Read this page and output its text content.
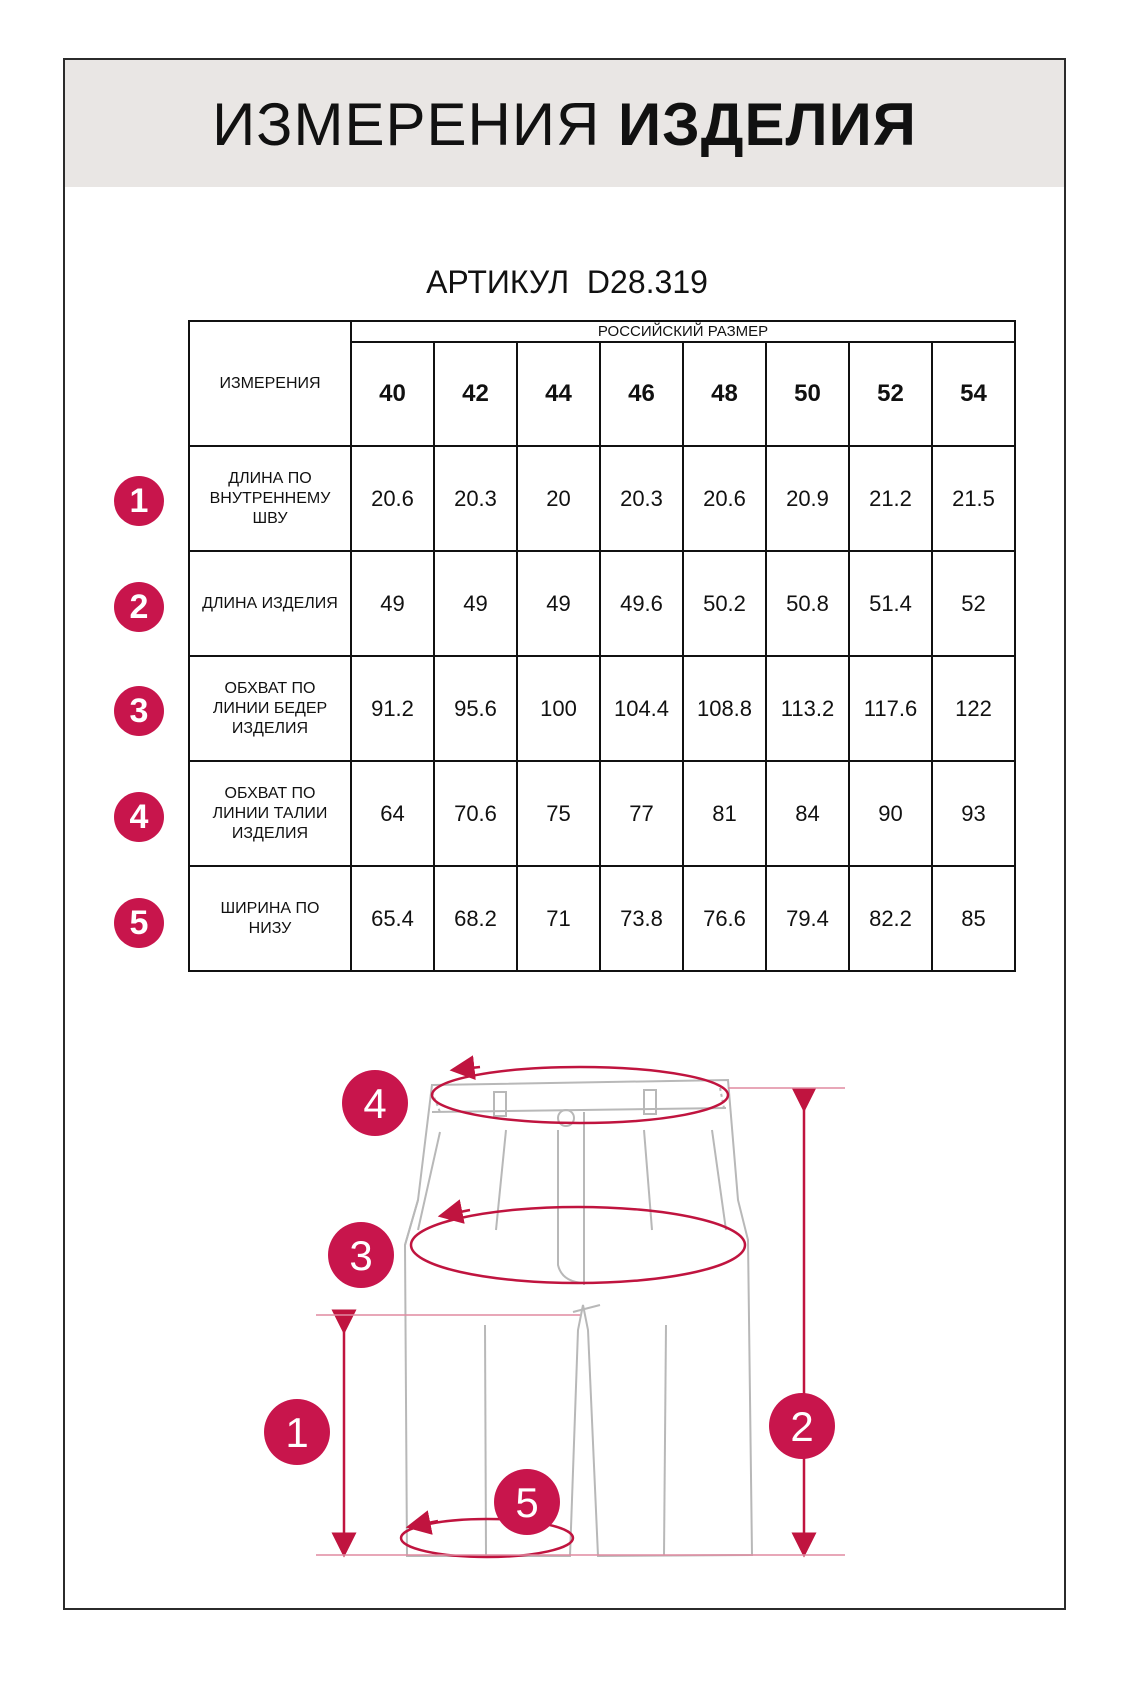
ИЗМЕРЕНИЯ ИЗДЕЛИЯ
АРТИКУЛ D28.319
ИЗМЕРЕНИЯ	РОССИЙСКИЙ РАЗМЕР							
	40	42	44	46	48	50	52	54

ДЛИНА ПО
ВНУТРЕННЕМУ
ШВУ	20.6	20.3	20	20.3	20.6	20.9	21.2	21.5

ДЛИНА ИЗДЕЛИЯ	49	49	49	49.6	50.2	50.8	51.4	52

ОБХВАТ ПО
ЛИНИИ БЕДЕР
ИЗДЕЛИЯ	91.2	95.6	100	104.4	108.8	113.2	117.6	122

ОБХВАТ ПО
ЛИНИИ ТАЛИИ
ИЗДЕЛИЯ	64	70.6	75	77	81	84	90	93

ШИРИНА ПО
НИЗУ	65.4	68.2	71	73.8	76.6	79.4	82.2	85
1
2
3
4
5
4
3
1
5
2
